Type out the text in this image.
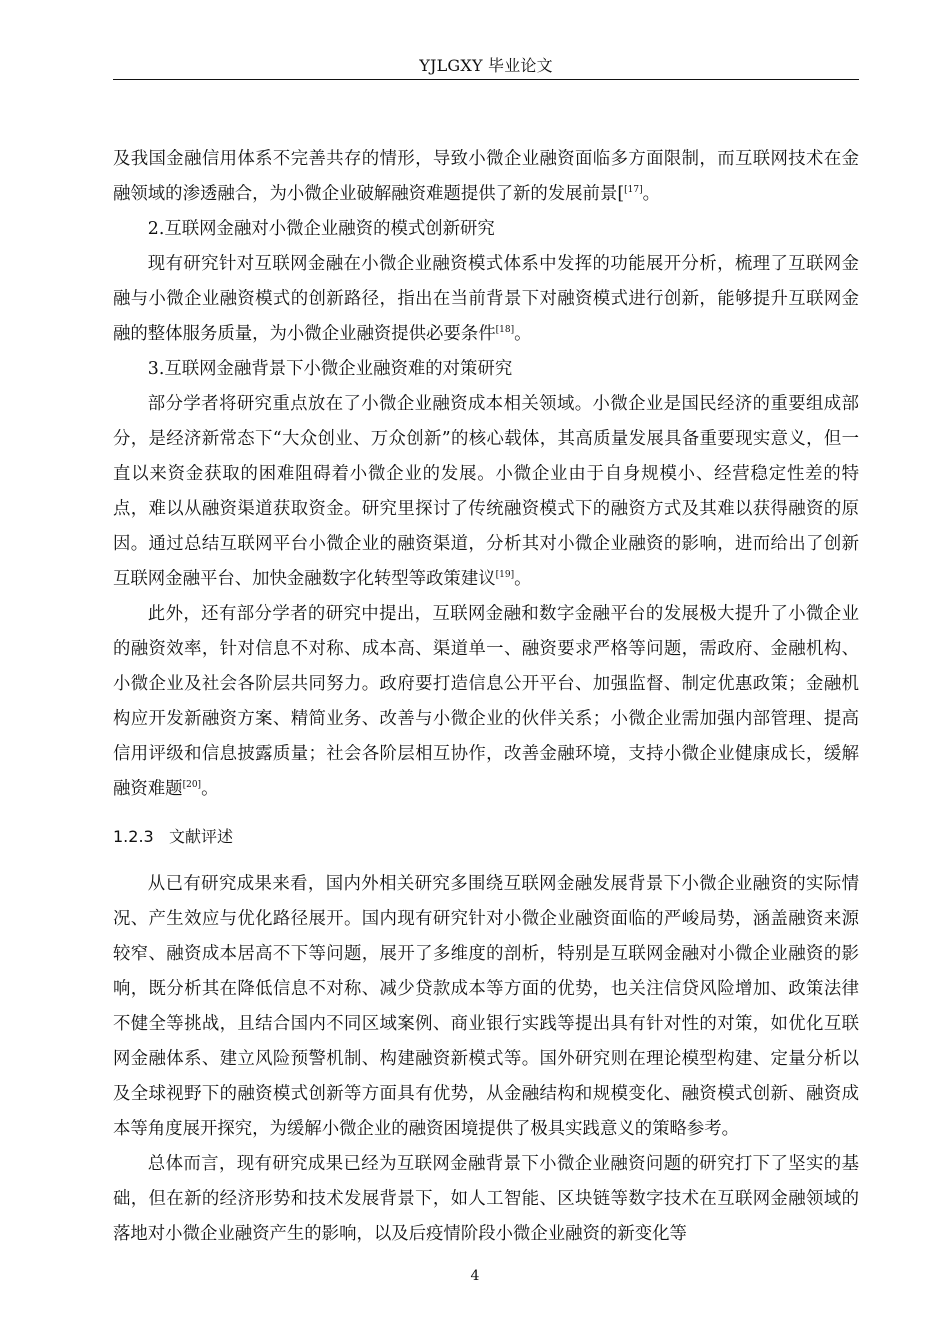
YJLGXY 毕业论文

及我国金融信用体系不完善共存的情形，导致小微企业融资面临多方面限制，而互联网技术在金融领域的渗透融合，为小微企业破解融资难题提供了新的发展前景[[17]。

2.互联网金融对小微企业融资的模式创新研究

现有研究针对互联网金融在小微企业融资模式体系中发挥的功能展开分析，梳理了互联网金融与小微企业融资模式的创新路径，指出在当前背景下对融资模式进行创新，能够提升互联网金融的整体服务质量，为小微企业融资提供必要条件[18]。

3.互联网金融背景下小微企业融资难的对策研究

部分学者将研究重点放在了小微企业融资成本相关领域。小微企业是国民经济的重要组成部分，是经济新常态下“大众创业、万众创新”的核心载体，其高质量发展具备重要现实意义，但一直以来资金获取的困难阻碍着小微企业的发展。小微企业由于自身规模小、经营稳定性差的特点，难以从融资渠道获取资金。研究里探讨了传统融资模式下的融资方式及其难以获得融资的原因。通过总结互联网平台小微企业的融资渠道，分析其对小微企业融资的影响，进而给出了创新互联网金融平台、加快金融数字化转型等政策建议[19]。

此外，还有部分学者的研究中提出，互联网金融和数字金融平台的发展极大提升了小微企业的融资效率，针对信息不对称、成本高、渠道单一、融资要求严格等问题，需政府、金融机构、小微企业及社会各阶层共同努力。政府要打造信息公开平台、加强监督、制定优惠政策；金融机构应开发新融资方案、精简业务、改善与小微企业的伙伴关系；小微企业需加强内部管理、提高信用评级和信息披露质量；社会各阶层相互协作，改善金融环境，支持小微企业健康成长，缓解融资难题[20]。

1.2.3 文献评述

从已有研究成果来看，国内外相关研究多围绕互联网金融发展背景下小微企业融资的实际情况、产生效应与优化路径展开。国内现有研究针对小微企业融资面临的严峻局势，涵盖融资来源较窄、融资成本居高不下等问题，展开了多维度的剖析，特别是互联网金融对小微企业融资的影响，既分析其在降低信息不对称、减少贷款成本等方面的优势，也关注信贷风险增加、政策法律不健全等挑战，且结合国内不同区域案例、商业银行实践等提出具有针对性的对策，如优化互联网金融体系、建立风险预警机制、构建融资新模式等。国外研究则在理论模型构建、定量分析以及全球视野下的融资模式创新等方面具有优势，从金融结构和规模变化、融资模式创新、融资成本等角度展开探究，为缓解小微企业的融资困境提供了极具实践意义的策略参考。

总体而言，现有研究成果已经为互联网金融背景下小微企业融资问题的研究打下了坚实的基础，但在新的经济形势和技术发展背景下，如人工智能、区块链等数字技术在互联网金融领域的落地对小微企业融资产生的影响，以及后疫情阶段小微企业融资的新变化等

4
